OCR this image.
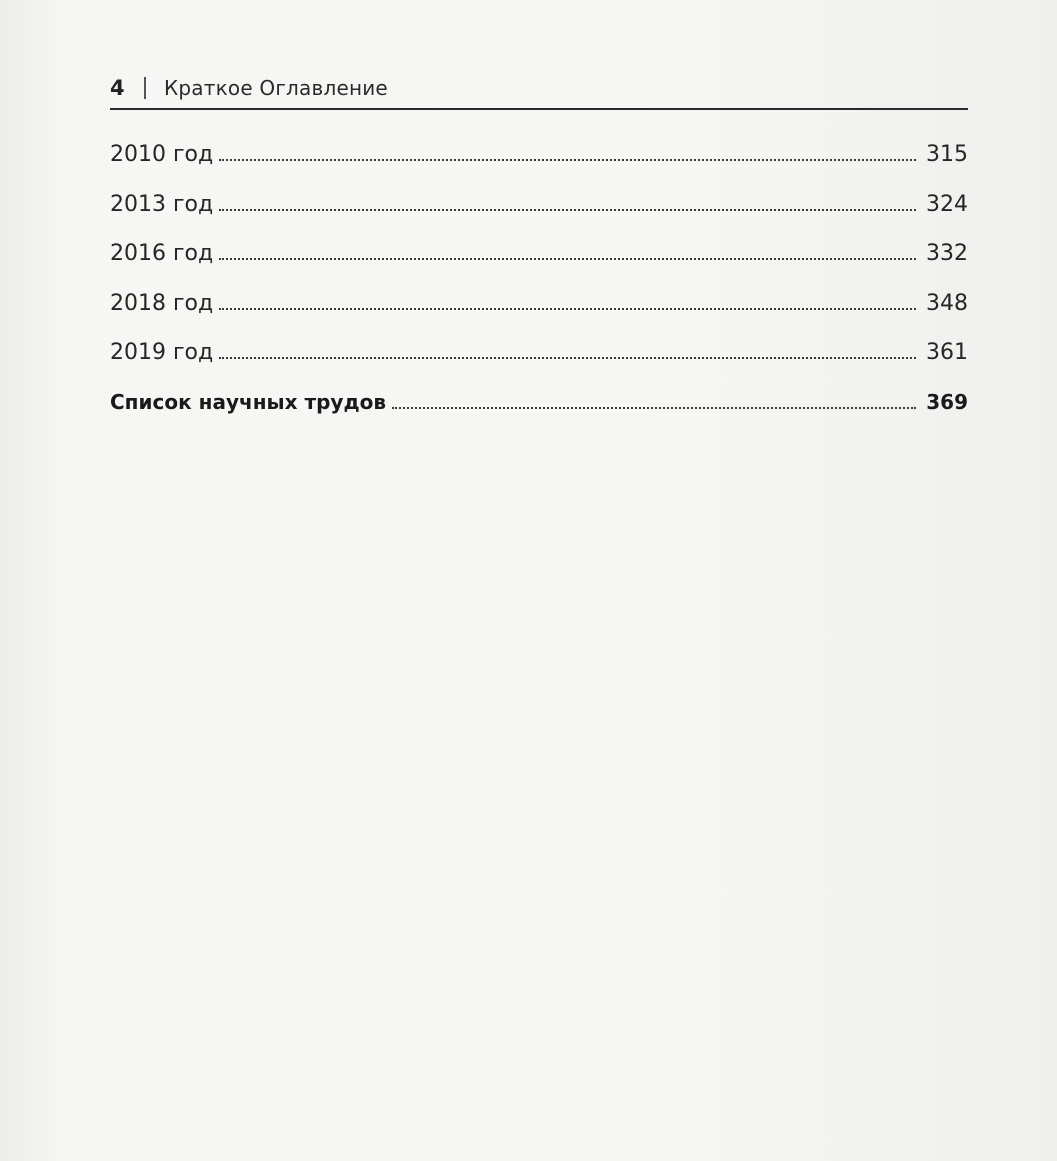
4	Краткое Оглавление
2010 год	315
2013 год	324
2016 год	332
2018 год	348
2019 год	361
Список научных трудов	369
